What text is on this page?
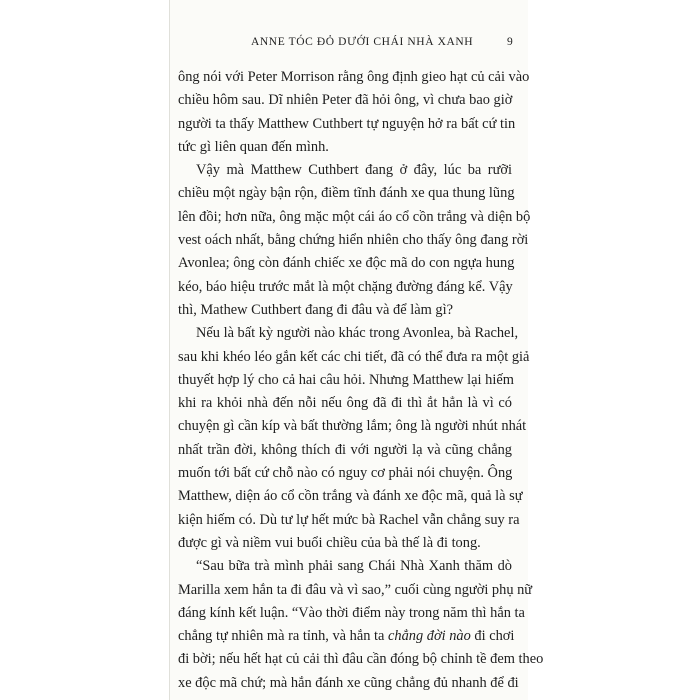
ANNE TÓC ĐỎ DƯỚI CHÁI NHÀ XANH	9

ông nói với Peter Morrison rằng ông định gieo hạt củ cải vào
chiều hôm sau. Dĩ nhiên Peter đã hỏi ông, vì chưa bao giờ
người ta thấy Matthew Cuthbert tự nguyện hở ra bất cứ tin
tức gì liên quan đến mình.

Vậy mà Matthew Cuthbert đang ở đây, lúc ba rưỡi
chiều một ngày bận rộn, điềm tĩnh đánh xe qua thung lũng
lên đồi; hơn nữa, ông mặc một cái áo cổ cồn trắng và diện bộ
vest oách nhất, bằng chứng hiển nhiên cho thấy ông đang rời
Avonlea; ông còn đánh chiếc xe độc mã do con ngựa hung
kéo, báo hiệu trước mắt là một chặng đường đáng kể. Vậy
thì, Mathew Cuthbert đang đi đâu và để làm gì?

Nếu là bất kỳ người nào khác trong Avonlea, bà Rachel,
sau khi khéo léo gắn kết các chi tiết, đã có thể đưa ra một giả
thuyết hợp lý cho cả hai câu hỏi. Nhưng Matthew lại hiếm
khi ra khỏi nhà đến nỗi nếu ông đã đi thì ắt hẳn là vì có
chuyện gì cần kíp và bất thường lắm; ông là người nhút nhát
nhất trần đời, không thích đi với người lạ và cũng chẳng
muốn tới bất cứ chỗ nào có nguy cơ phải nói chuyện. Ông
Matthew, diện áo cổ cồn trắng và đánh xe độc mã, quả là sự
kiện hiếm có. Dù tư lự hết mức bà Rachel vẫn chẳng suy ra
được gì và niềm vui buổi chiều của bà thế là đi tong.

“Sau bữa trà mình phải sang Chái Nhà Xanh thăm dò
Marilla xem hắn ta đi đâu và vì sao,” cuối cùng người phụ nữ
đáng kính kết luận. “Vào thời điểm này trong năm thì hắn ta
chẳng tự nhiên mà ra tỉnh, và hắn ta chẳng đời nào đi chơi
đi bời; nếu hết hạt củ cải thì đâu cần đóng bộ chỉnh tề đem theo
xe độc mã chứ; mà hắn đánh xe cũng chẳng đủ nhanh để đi
